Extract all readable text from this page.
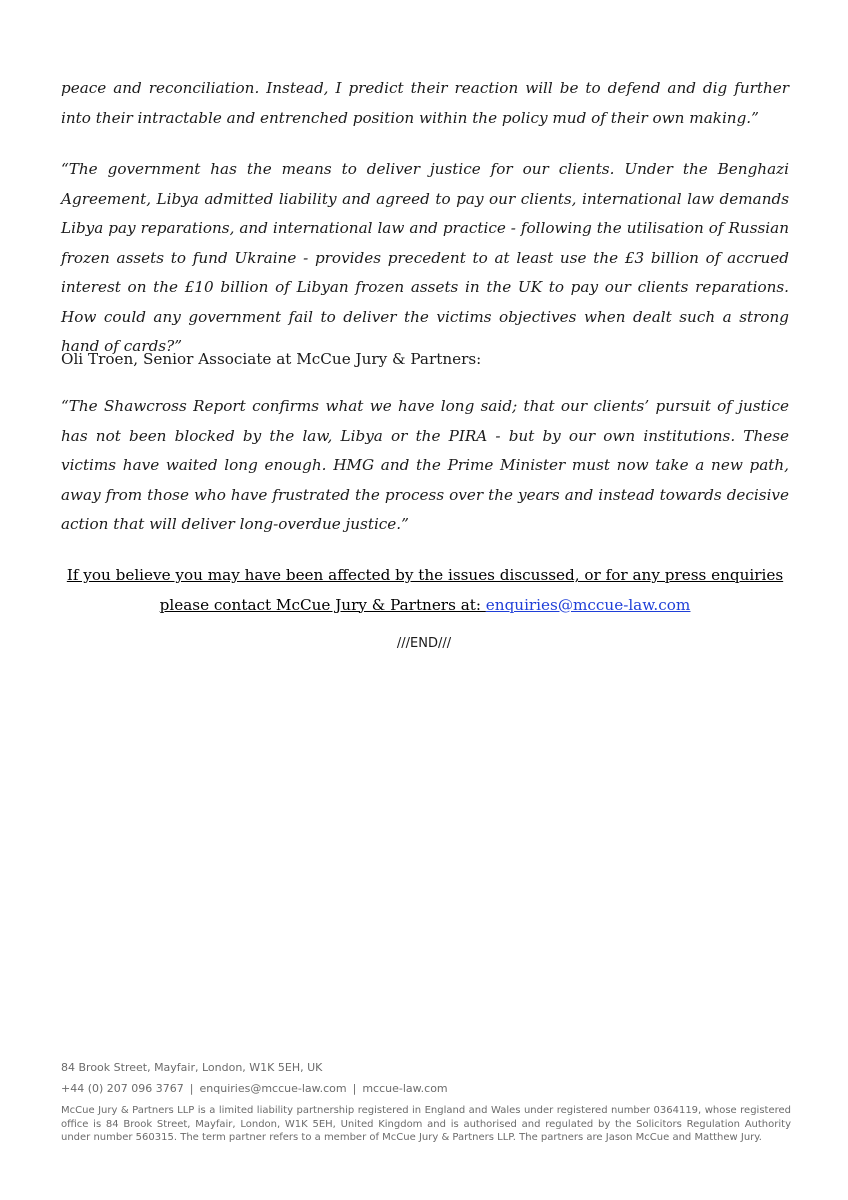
peace and reconciliation. Instead, I predict their reaction will be to defend and dig further into their intractable and entrenched position within the policy mud of their own making.”

“The government has the means to deliver justice for our clients. Under the Benghazi Agreement, Libya admitted liability and agreed to pay our clients, international law demands Libya pay reparations, and international law and practice - following the utilisation of Russian frozen assets to fund Ukraine - provides precedent to at least use the £3 billion of accrued interest on the £10 billion of Libyan frozen assets in the UK to pay our clients reparations. How could any government fail to deliver the victims objectives when dealt such a strong hand of cards?”

Oli Troen, Senior Associate at McCue Jury & Partners:

“The Shawcross Report confirms what we have long said; that our clients’ pursuit of justice has not been blocked by the law, Libya or the PIRA - but by our own institutions. These victims have waited long enough. HMG and the Prime Minister must now take a new path, away from those who have frustrated the process over the years and instead towards decisive action that will deliver long-overdue justice.”

If you believe you may have been affected by the issues discussed, or for any press enquiries please contact McCue Jury & Partners at: enquiries@mccue-law.com

///END///
84 Brook Street, Mayfair, London, W1K 5EH, UK
+44 (0) 207 096 3767 | enquiries@mccue-law.com | mccue-law.com

McCue Jury & Partners LLP is a limited liability partnership registered in England and Wales under registered number 0364119, whose registered office is 84 Brook Street, Mayfair, London, W1K 5EH, United Kingdom and is authorised and regulated by the Solicitors Regulation Authority under number 560315. The term partner refers to a member of McCue Jury & Partners LLP. The partners are Jason McCue and Matthew Jury.
